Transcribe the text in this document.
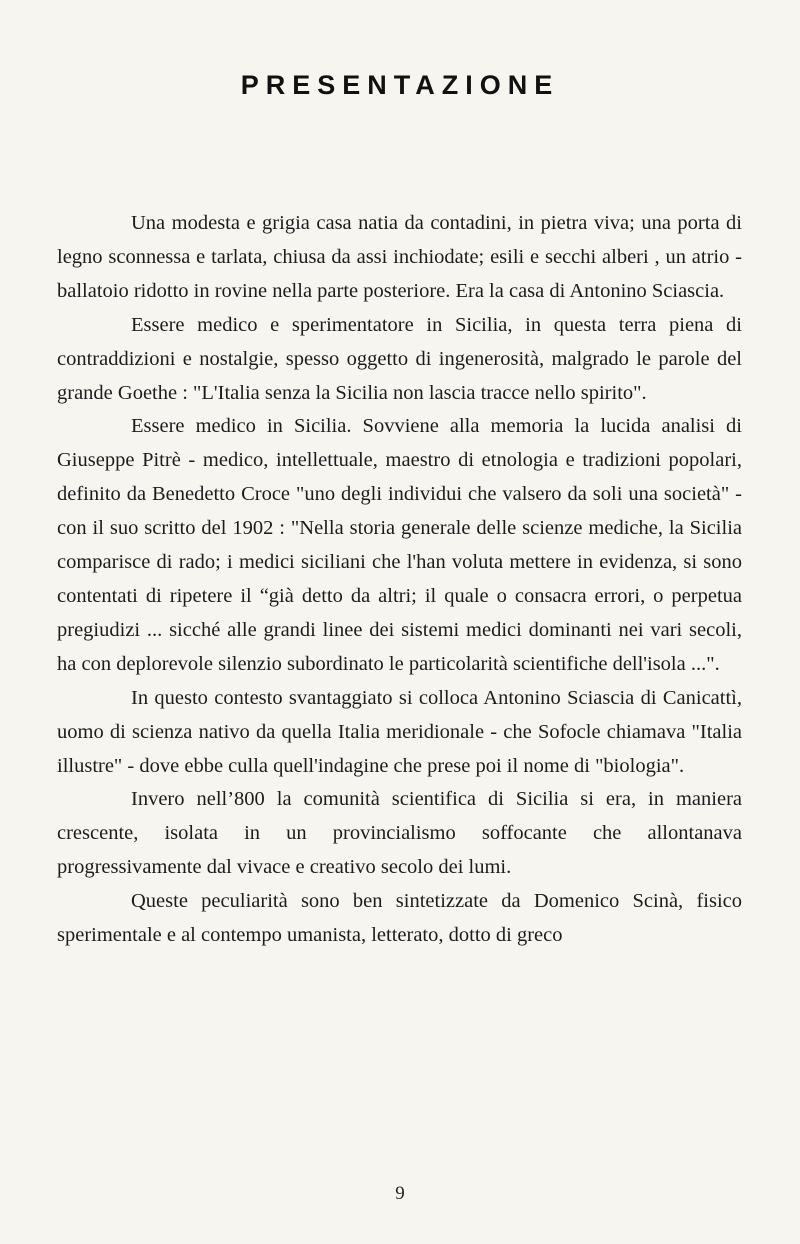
PRESENTAZIONE

Una modesta e grigia casa natia da contadini, in pietra viva; una porta di legno sconnessa e tarlata, chiusa da assi inchiodate; esili e secchi alberi , un atrio - ballatoio ridotto in rovine nella parte posteriore. Era la casa di Antonino Sciascia.

Essere medico e sperimentatore in Sicilia, in questa terra piena di contraddizioni e nostalgie, spesso oggetto di ingenerosità, malgrado le parole del grande Goethe : "L'Italia senza la Sicilia non lascia tracce nello spirito".

Essere medico in Sicilia. Sovviene alla memoria la lucida analisi di Giuseppe Pitrè - medico, intellettuale, maestro di etnologia e tradizioni popolari, definito da Benedetto Croce "uno degli individui che valsero da soli una società" - con il suo scritto del 1902 : "Nella storia generale delle scienze mediche, la Sicilia comparisce di rado; i medici siciliani che l'han voluta mettere in evidenza, si sono contentati di ripetere il “già detto da altri; il quale o consacra errori, o perpetua pregiudizi ... sicché alle grandi linee dei sistemi medici dominanti nei vari secoli, ha con deplorevole silenzio subordinato le particolarità scientifiche dell'isola ...".

In questo contesto svantaggiato si colloca Antonino Sciascia di Canicattì, uomo di scienza nativo da quella Italia meridionale - che Sofocle chiamava "Italia illustre" - dove ebbe culla quell'indagine che prese poi il nome di "biologia".

Invero nell’800 la comunità scientifica di Sicilia si era, in maniera crescente, isolata in un provincialismo soffocante che allontanava progressivamente dal vivace e creativo secolo dei lumi.

Queste peculiarità sono ben sintetizzate da Domenico Scinà, fisico sperimentale e al contempo umanista, letterato, dotto di greco

9
